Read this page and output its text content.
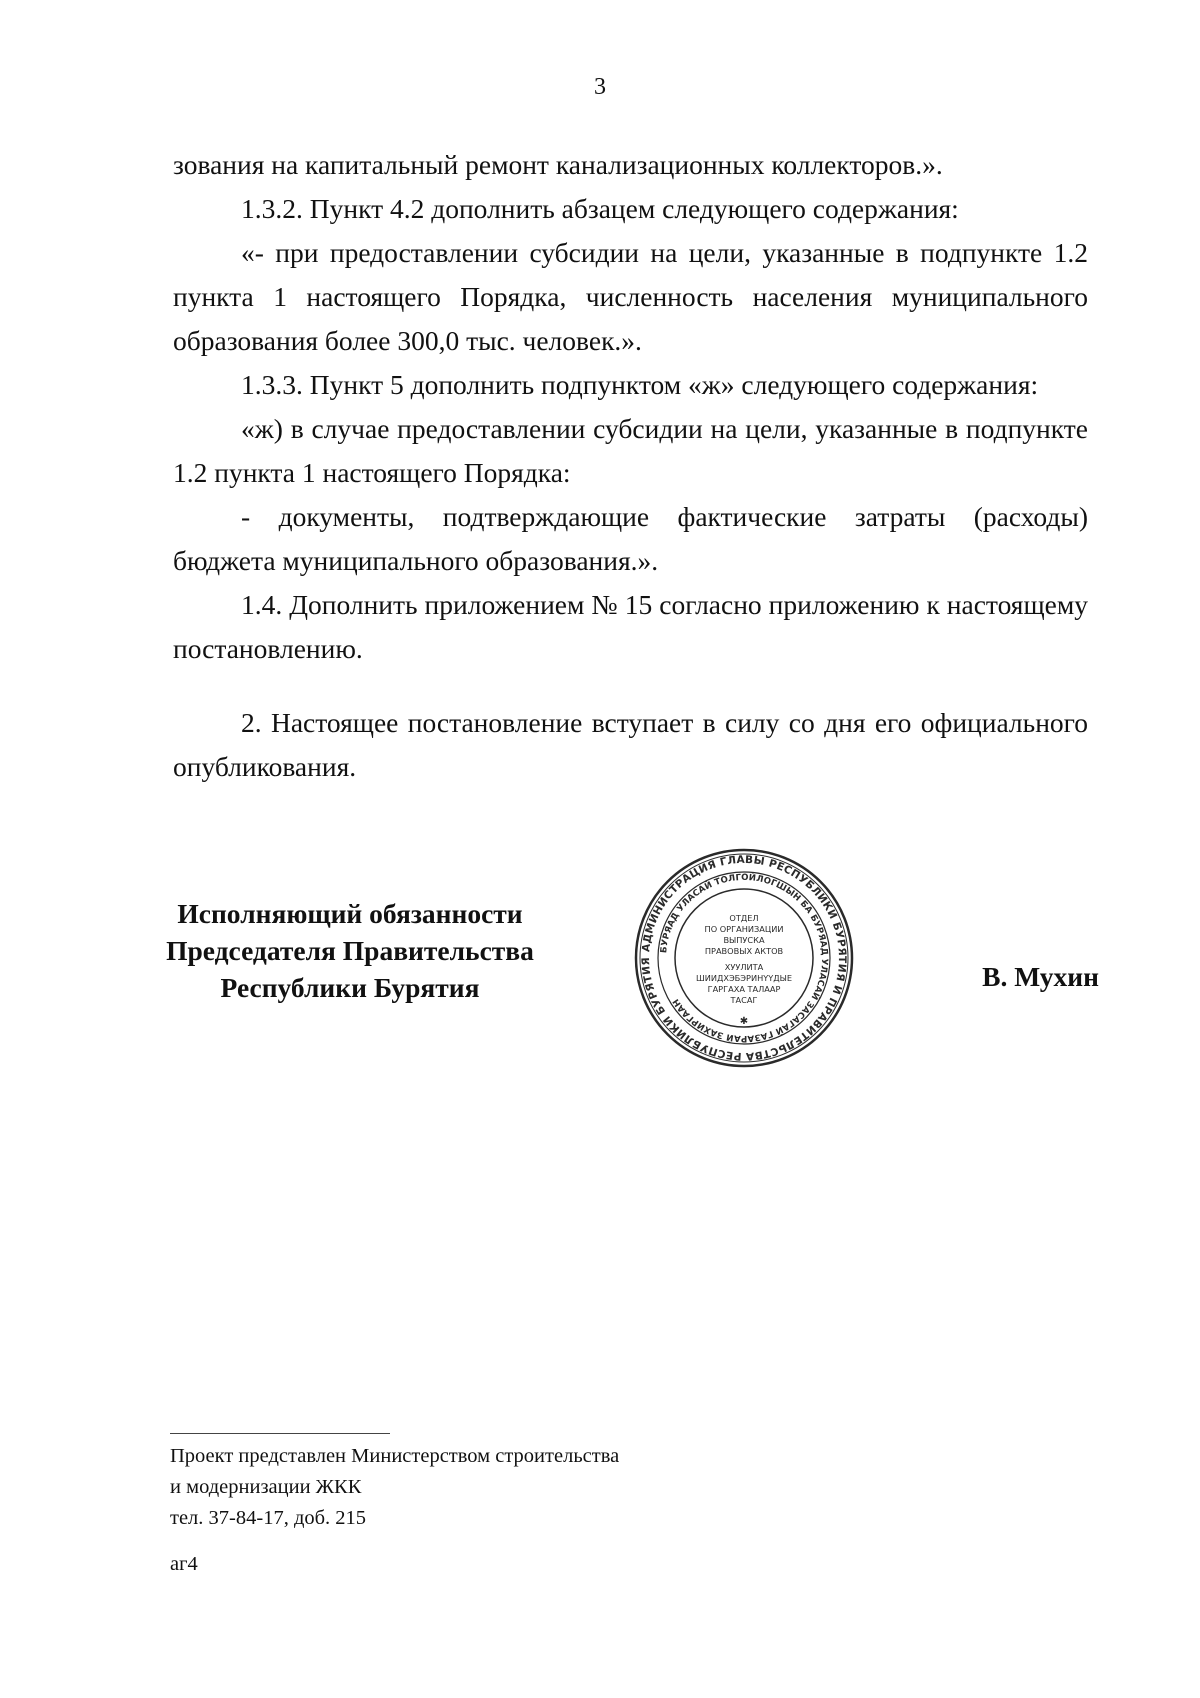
3

зования на капитальный ремонт канализационных коллекторов.».

1.3.2. Пункт 4.2 дополнить абзацем следующего содержания:

«- при предоставлении субсидии на цели, указанные в подпункте 1.2 пункта 1 настоящего Порядка, численность населения муниципального образования более 300,0 тыс. человек.».

1.3.3. Пункт 5 дополнить подпунктом «ж» следующего содержания:

«ж) в случае предоставлении субсидии на цели, указанные в подпункте 1.2 пункта 1 настоящего Порядка:

- документы, подтверждающие фактические затраты (расходы) бюджета муниципального образования.».

1.4. Дополнить приложением № 15 согласно приложению к настоящему постановлению.

2. Настоящее постановление вступает в силу со дня его официального опубликования.

Исполняющий обязанности
Председателя Правительства
Республики Бурятия
АДМИНИСТРАЦИЯ ГЛАВЫ РЕСПУБЛИКИ БУРЯТИЯ И ПРАВИТЕЛЬСТВА РЕСПУБЛИКИ БУРЯТИЯ
БУРЯАД УЛАСАЙ ТОЛГОЙЛОГШЫН БА БУРЯАД УЛАСАЙ ЗАСАГАЙ ГАЗАРАЙ ЗАХИРГААН
ОТДЕЛ
ПО ОРГАНИЗАЦИИ
ВЫПУСКА
ПРАВОВЫХ АКТОВ
ХУУЛИТА
ШИИДХЭБЭРИНҮҮДЫЕ
ГАРГАХА ТАЛААР
ТАСАГ
✱
В. Мухин
Проект представлен Министерством строительства
и модернизации ЖКК
тел. 37-84-17, доб. 215
аг4
